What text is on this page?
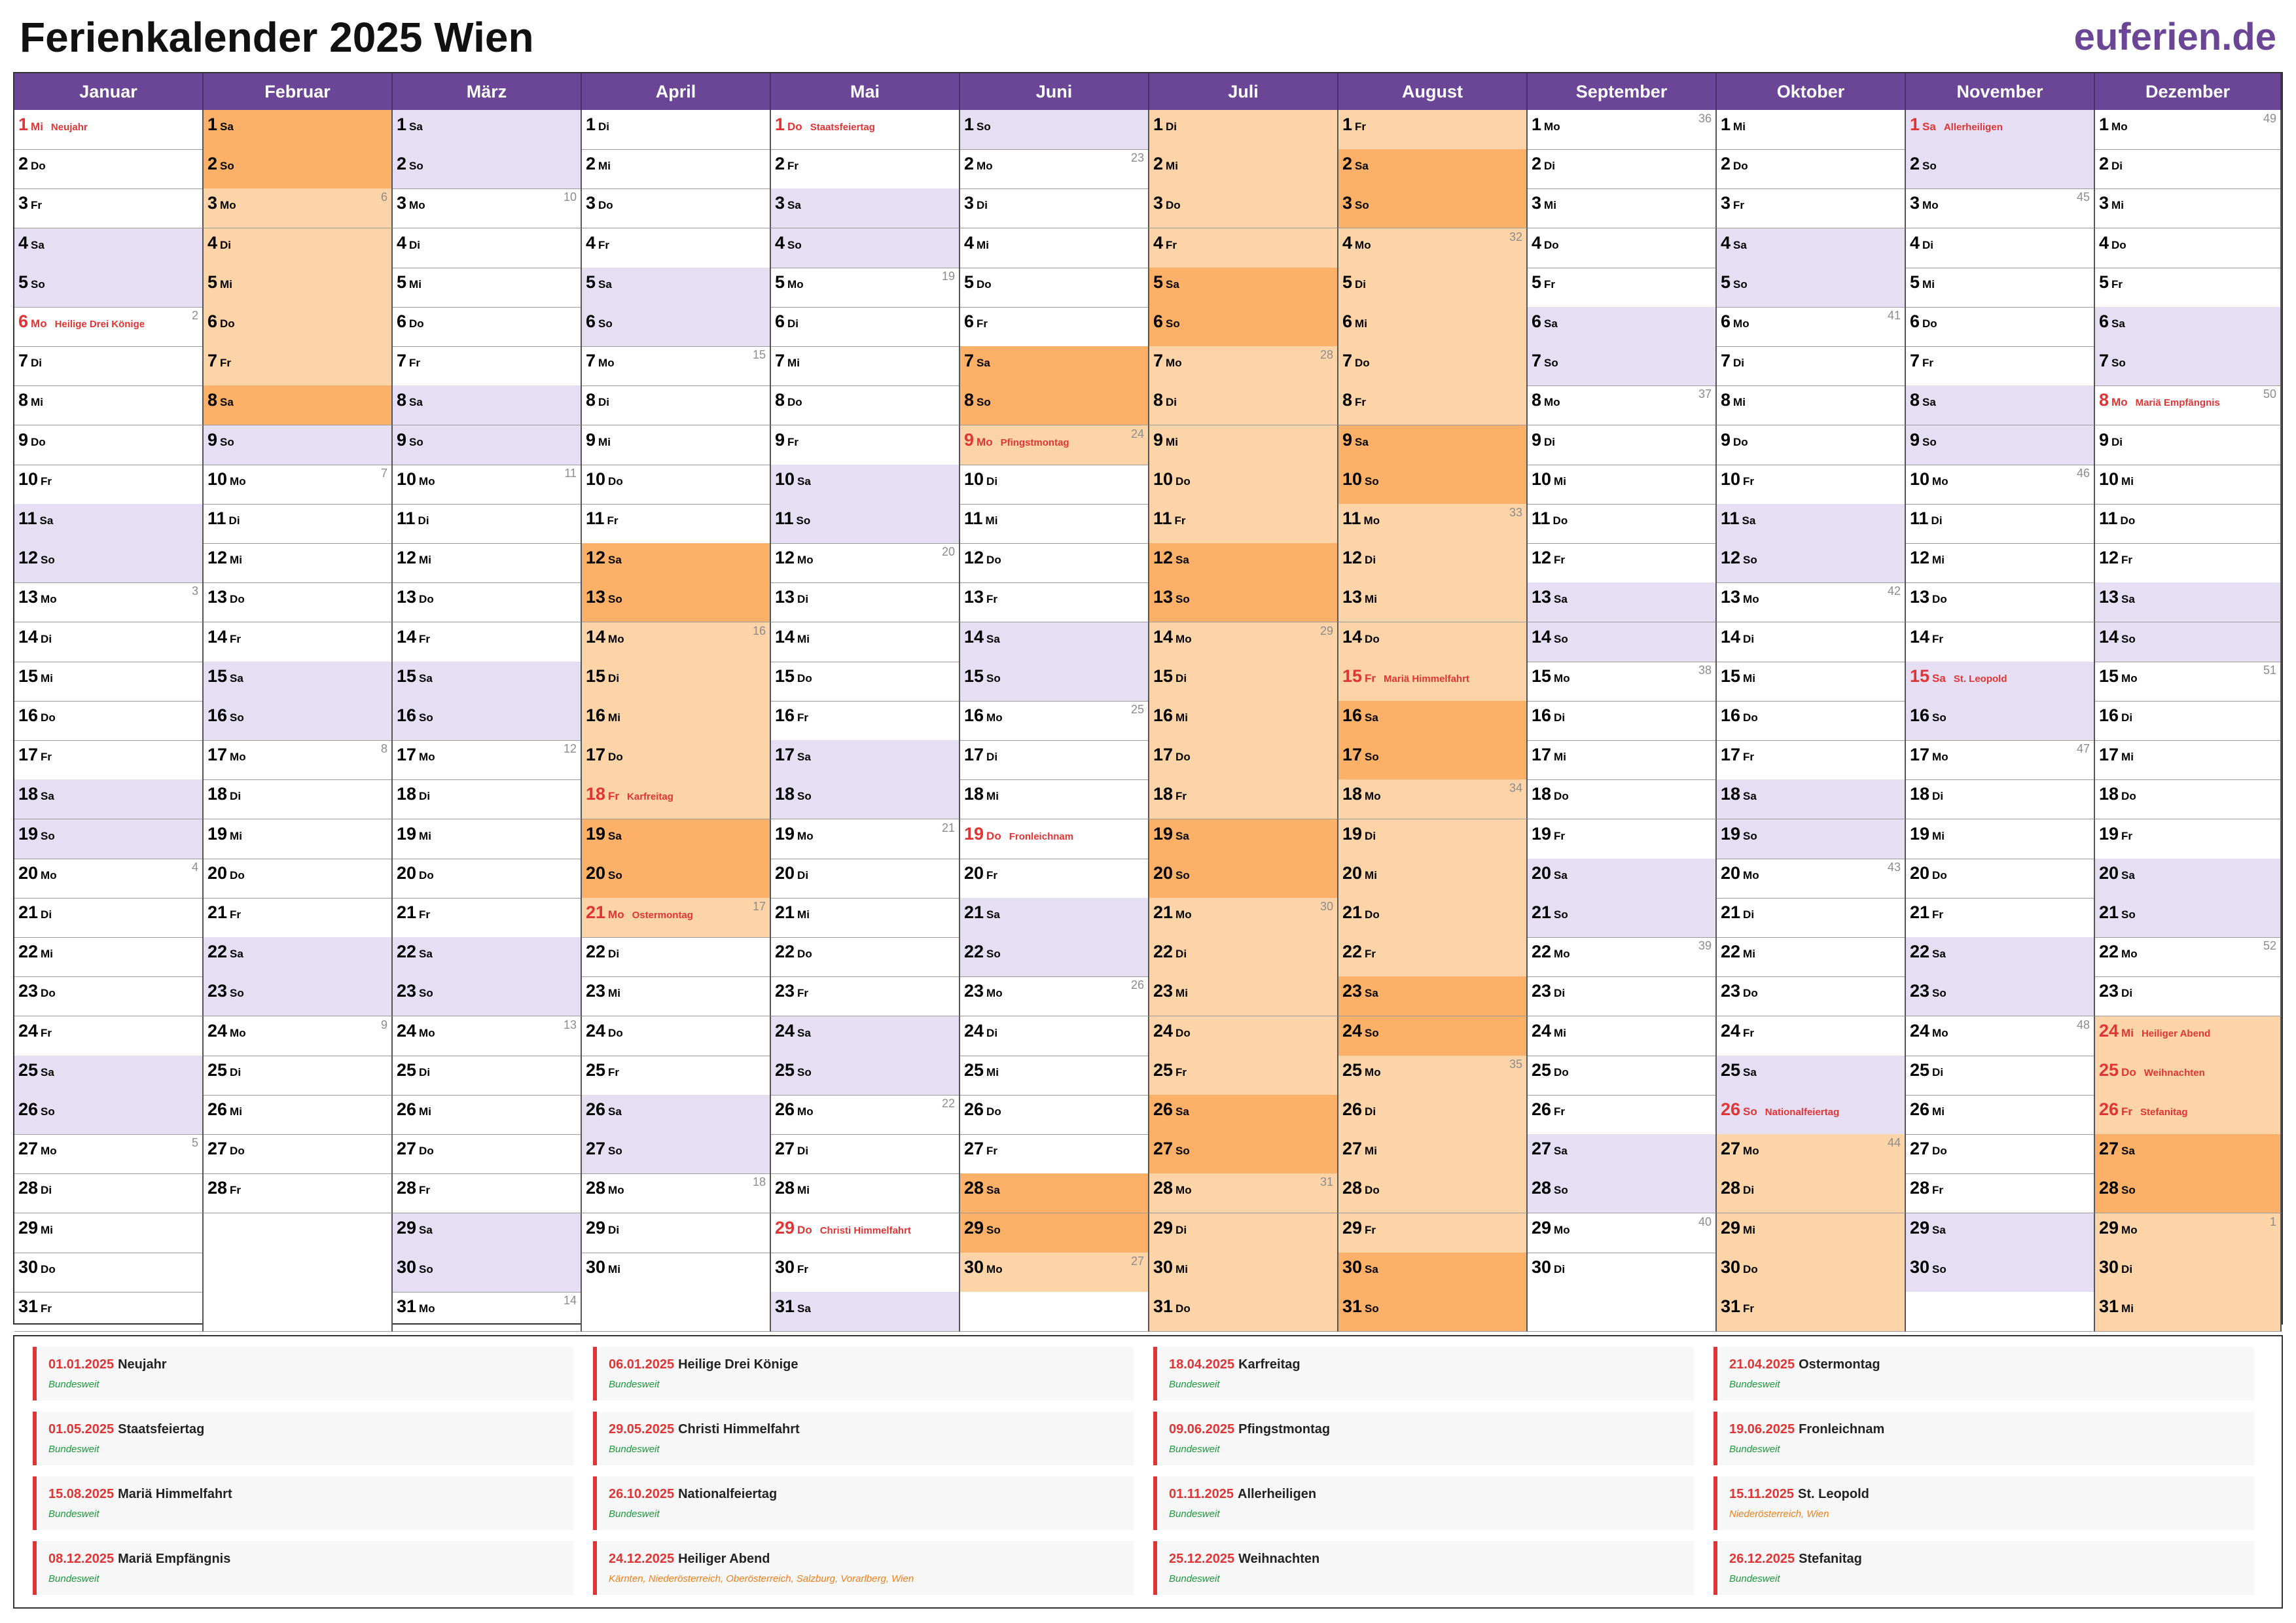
Ferienkalender 2025 Wien	euferien.de
Januar
1 Mi Neujahr
2 Do
3 Fr
4 Sa
5 So
6 Mo Heilige Drei Könige
2
7 Di
8 Mi
9 Do
10 Fr
11 Sa
12 So
13 Mo
3
14 Di
15 Mi
16 Do
17 Fr
18 Sa
19 So
20 Mo
4
21 Di
22 Mi
23 Do
24 Fr
25 Sa
26 So
27 Mo
5
28 Di
29 Mi
30 Do
31 Fr
Februar
1 Sa
2 So
3 Mo
6
4 Di
5 Mi
6 Do
7 Fr
8 Sa
9 So
10 Mo
7
11 Di
12 Mi
13 Do
14 Fr
15 Sa
16 So
17 Mo
8
18 Di
19 Mi
20 Do
21 Fr
22 Sa
23 So
24 Mo
9
25 Di
26 Mi
27 Do
28 Fr
März
1 Sa
2 So
3 Mo
10
4 Di
5 Mi
6 Do
7 Fr
8 Sa
9 So
10 Mo
11
11 Di
12 Mi
13 Do
14 Fr
15 Sa
16 So
17 Mo
12
18 Di
19 Mi
20 Do
21 Fr
22 Sa
23 So
24 Mo
13
25 Di
26 Mi
27 Do
28 Fr
29 Sa
30 So
31 Mo
14
April
1 Di
2 Mi
3 Do
4 Fr
5 Sa
6 So
7 Mo
15
8 Di
9 Mi
10 Do
11 Fr
12 Sa
13 So
14 Mo
16
15 Di
16 Mi
17 Do
18 Fr Karfreitag
19 Sa
20 So
21 Mo Ostermontag
17
22 Di
23 Mi
24 Do
25 Fr
26 Sa
27 So
28 Mo
18
29 Di
30 Mi
Mai
1 Do Staatsfeiertag
2 Fr
3 Sa
4 So
5 Mo
19
6 Di
7 Mi
8 Do
9 Fr
10 Sa
11 So
12 Mo
20
13 Di
14 Mi
15 Do
16 Fr
17 Sa
18 So
19 Mo
21
20 Di
21 Mi
22 Do
23 Fr
24 Sa
25 So
26 Mo
22
27 Di
28 Mi
29 Do Christi Himmelfahrt
30 Fr
31 Sa
Juni
1 So
2 Mo
23
3 Di
4 Mi
5 Do
6 Fr
7 Sa
8 So
9 Mo Pfingstmontag
24
10 Di
11 Mi
12 Do
13 Fr
14 Sa
15 So
16 Mo
25
17 Di
18 Mi
19 Do Fronleichnam
20 Fr
21 Sa
22 So
23 Mo
26
24 Di
25 Mi
26 Do
27 Fr
28 Sa
29 So
30 Mo
27
Juli
1 Di
2 Mi
3 Do
4 Fr
5 Sa
6 So
7 Mo
28
8 Di
9 Mi
10 Do
11 Fr
12 Sa
13 So
14 Mo
29
15 Di
16 Mi
17 Do
18 Fr
19 Sa
20 So
21 Mo
30
22 Di
23 Mi
24 Do
25 Fr
26 Sa
27 So
28 Mo
31
29 Di
30 Mi
31 Do
August
1 Fr
2 Sa
3 So
4 Mo
32
5 Di
6 Mi
7 Do
8 Fr
9 Sa
10 So
11 Mo
33
12 Di
13 Mi
14 Do
15 Fr Mariä Himmelfahrt
16 Sa
17 So
18 Mo
34
19 Di
20 Mi
21 Do
22 Fr
23 Sa
24 So
25 Mo
35
26 Di
27 Mi
28 Do
29 Fr
30 Sa
31 So
September
1 Mo
36
2 Di
3 Mi
4 Do
5 Fr
6 Sa
7 So
8 Mo
37
9 Di
10 Mi
11 Do
12 Fr
13 Sa
14 So
15 Mo
38
16 Di
17 Mi
18 Do
19 Fr
20 Sa
21 So
22 Mo
39
23 Di
24 Mi
25 Do
26 Fr
27 Sa
28 So
29 Mo
40
30 Di
Oktober
1 Mi
2 Do
3 Fr
4 Sa
5 So
6 Mo
41
7 Di
8 Mi
9 Do
10 Fr
11 Sa
12 So
13 Mo
42
14 Di
15 Mi
16 Do
17 Fr
18 Sa
19 So
20 Mo
43
21 Di
22 Mi
23 Do
24 Fr
25 Sa
26 So Nationalfeiertag
27 Mo
44
28 Di
29 Mi
30 Do
31 Fr
November
1 Sa Allerheiligen
2 So
3 Mo
45
4 Di
5 Mi
6 Do
7 Fr
8 Sa
9 So
10 Mo
46
11 Di
12 Mi
13 Do
14 Fr
15 Sa St. Leopold
16 So
17 Mo
47
18 Di
19 Mi
20 Do
21 Fr
22 Sa
23 So
24 Mo
48
25 Di
26 Mi
27 Do
28 Fr
29 Sa
30 So
Dezember
1 Mo
49
2 Di
3 Mi
4 Do
5 Fr
6 Sa
7 So
8 Mo Mariä Empfängnis
50
9 Di
10 Mi
11 Do
12 Fr
13 Sa
14 So
15 Mo
51
16 Di
17 Mi
18 Do
19 Fr
20 Sa
21 So
22 Mo
52
23 Di
24 Mi Heiliger Abend
25 Do Weihnachten
26 Fr Stefanitag
27 Sa
28 So
29 Mo
1
30 Di
31 Mi
01.01.2025 Neujahr
Bundesweit
06.01.2025 Heilige Drei Könige
Bundesweit
18.04.2025 Karfreitag
Bundesweit
21.04.2025 Ostermontag
Bundesweit
01.05.2025 Staatsfeiertag
Bundesweit
29.05.2025 Christi Himmelfahrt
Bundesweit
09.06.2025 Pfingstmontag
Bundesweit
19.06.2025 Fronleichnam
Bundesweit
15.08.2025 Mariä Himmelfahrt
Bundesweit
26.10.2025 Nationalfeiertag
Bundesweit
01.11.2025 Allerheiligen
Bundesweit
15.11.2025 St. Leopold
Niederösterreich, Wien
08.12.2025 Mariä Empfängnis
Bundesweit
24.12.2025 Heiliger Abend
Kärnten, Niederösterreich, Oberösterreich, Salzburg, Vorarlberg, Wien
25.12.2025 Weihnachten
Bundesweit
26.12.2025 Stefanitag
Bundesweit
